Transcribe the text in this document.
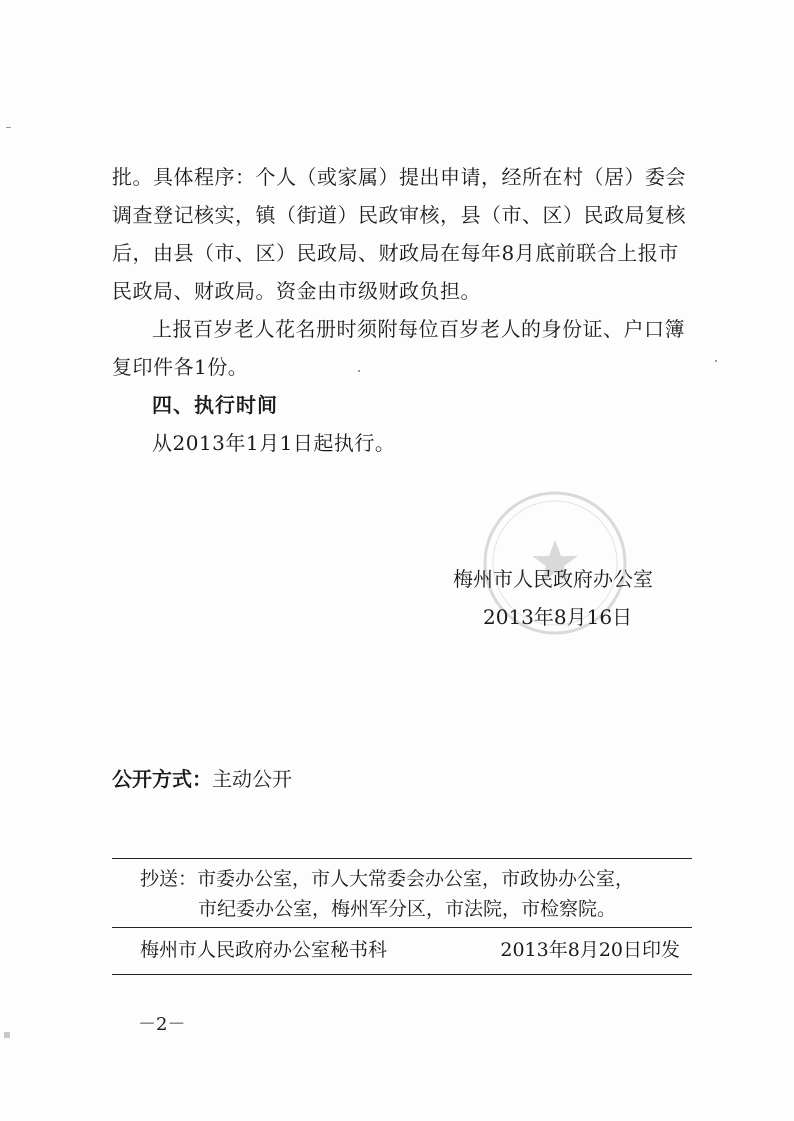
批。具体程序：个人（或家属）提出申请，经所在村（居）委会

调查登记核实，镇（街道）民政审核，县（市、区）民政局复核

后，由县（市、区）民政局、财政局在每年8月底前联合上报市

民政局、财政局。资金由市级财政负担。

上报百岁老人花名册时须附每位百岁老人的身份证、户口簿

复印件各1份。

四、执行时间

从2013年1月1日起执行。

梅州市人民政府办公室
2013年8月16日
公开方式：主动公开
抄送：市委办公室，市人大常委会办公室，市政协办公室，
市纪委办公室，梅州军分区，市法院，市检察院。
梅州市人民政府办公室秘书科	2013年8月20日印发
－2－
